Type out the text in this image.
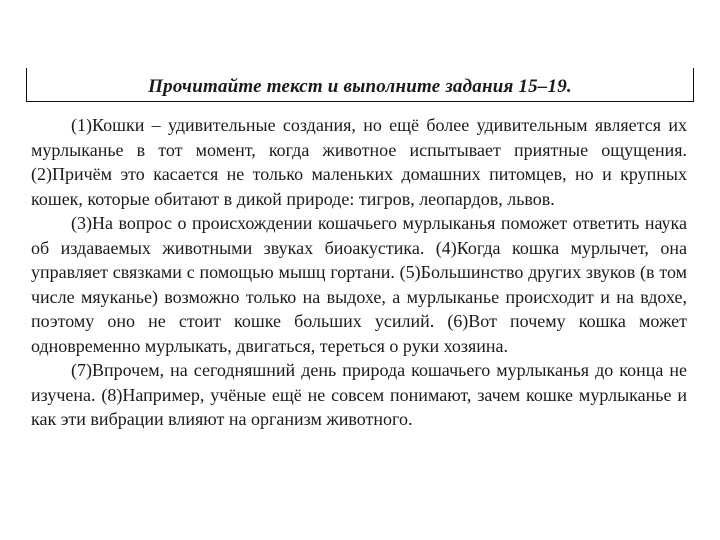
Прочитайте текст и выполните задания 15–19.

(1)Кошки – удивительные создания, но ещё более удивительным является их мурлыканье в тот момент, когда животное испытывает приятные ощущения. (2)Причём это касается не только маленьких домашних питомцев, но и крупных кошек, которые обитают в дикой природе: тигров, леопардов, львов.

(3)На вопрос о происхождении кошачьего мурлыканья поможет ответить наука об издаваемых животными звуках биоакустика. (4)Когда кошка мурлычет, она управляет связками с помощью мышц гортани. (5)Большинство других звуков (в том числе мяуканье) возможно только на выдохе, а мурлыканье происходит и на вдохе, поэтому оно не стоит кошке больших усилий. (6)Вот почему кошка может одновременно мурлыкать, двигаться, тереться о руки хозяина.

(7)Впрочем, на сегодняшний день природа кошачьего мурлыканья до конца не изучена. (8)Например, учёные ещё не совсем понимают, зачем кошке мурлыканье и как эти вибрации влияют на организм животного.
